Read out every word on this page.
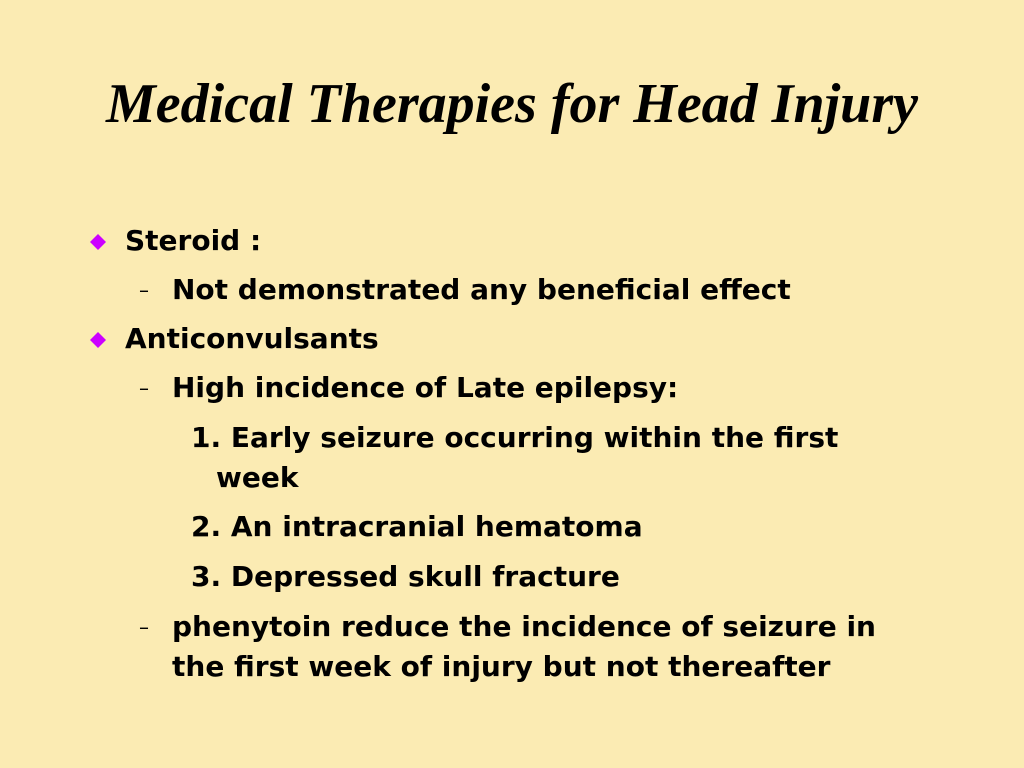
Medical Therapies for Head Injury
Steroid :
– Not demonstrated any beneficial effect
Anticonvulsants
– High incidence of Late epilepsy:
1. Early seizure occurring within the first
week
2. An intracranial hematoma
3. Depressed skull fracture
– phenytoin reduce the incidence of seizure in
the first week of injury but not thereafter
